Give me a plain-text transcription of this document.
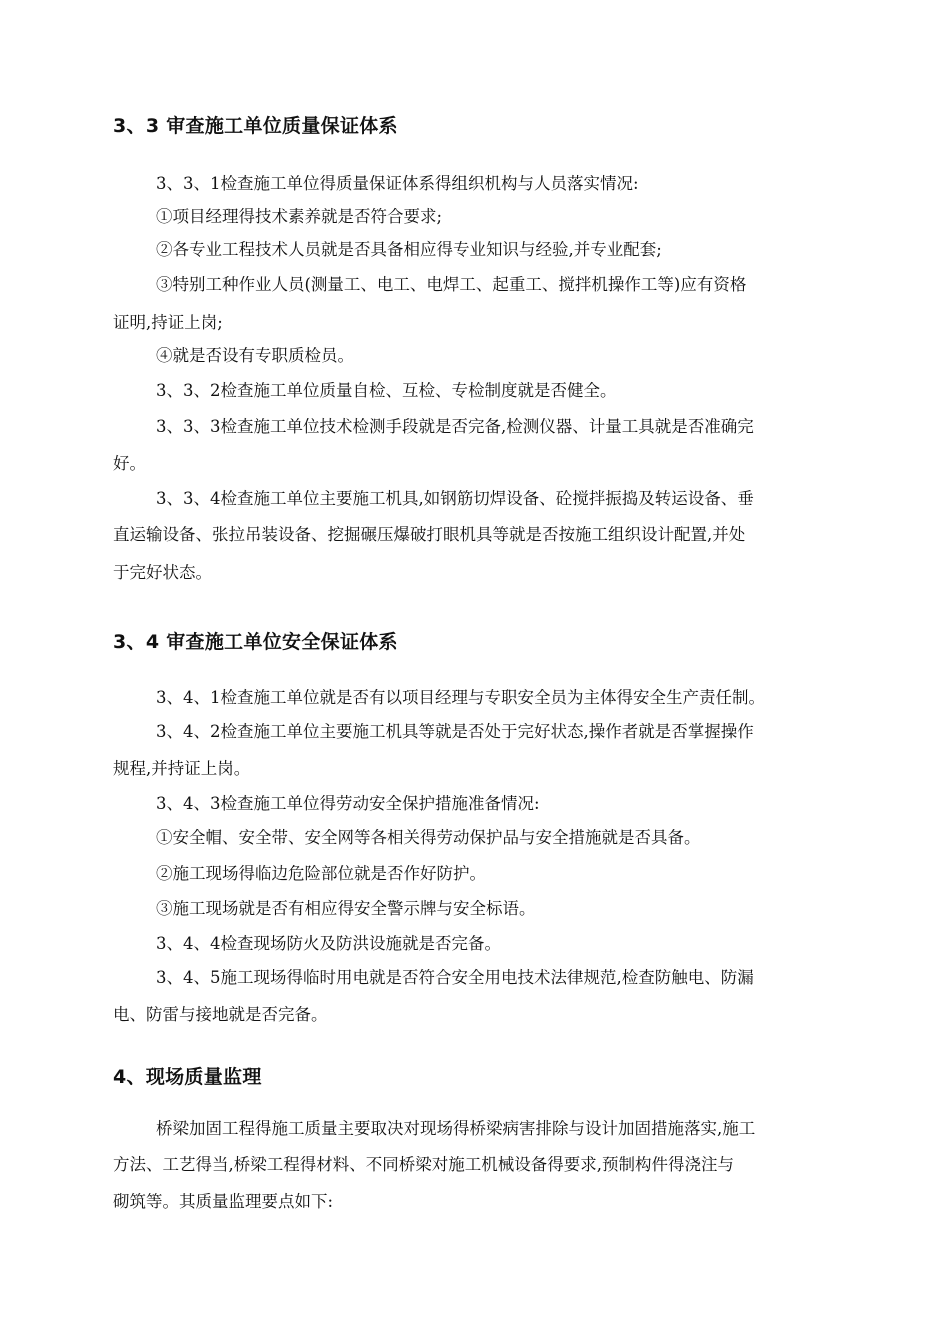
3、3 审查施工单位质量保证体系
3、3、1检查施工单位得质量保证体系得组织机构与人员落实情况:
①项目经理得技术素养就是否符合要求;
②各专业工程技术人员就是否具备相应得专业知识与经验,并专业配套;
③特别工种作业人员(测量工、电工、电焊工、起重工、搅拌机操作工等)应有资格
证明,持证上岗;
④就是否设有专职质检员。
3、3、2检查施工单位质量自检、互检、专检制度就是否健全。
3、3、3检查施工单位技术检测手段就是否完备,检测仪器、计量工具就是否准确完
好。
3、3、4检查施工单位主要施工机具,如钢筋切焊设备、砼搅拌振捣及转运设备、垂
直运输设备、张拉吊装设备、挖掘碾压爆破打眼机具等就是否按施工组织设计配置,并处
于完好状态。
3、4 审查施工单位安全保证体系
3、4、1检查施工单位就是否有以项目经理与专职安全员为主体得安全生产责任制。
3、4、2检查施工单位主要施工机具等就是否处于完好状态,操作者就是否掌握操作
规程,并持证上岗。
3、4、3检查施工单位得劳动安全保护措施准备情况:
①安全帽、安全带、安全网等各相关得劳动保护品与安全措施就是否具备。
②施工现场得临边危险部位就是否作好防护。
③施工现场就是否有相应得安全警示牌与安全标语。
3、4、4检查现场防火及防洪设施就是否完备。
3、4、5施工现场得临时用电就是否符合安全用电技术法律规范,检查防触电、防漏
电、防雷与接地就是否完备。
4、现场质量监理
桥梁加固工程得施工质量主要取决对现场得桥梁病害排除与设计加固措施落实,施工
方法、工艺得当,桥梁工程得材料、不同桥梁对施工机械设备得要求,预制构件得浇注与
砌筑等。其质量监理要点如下:
